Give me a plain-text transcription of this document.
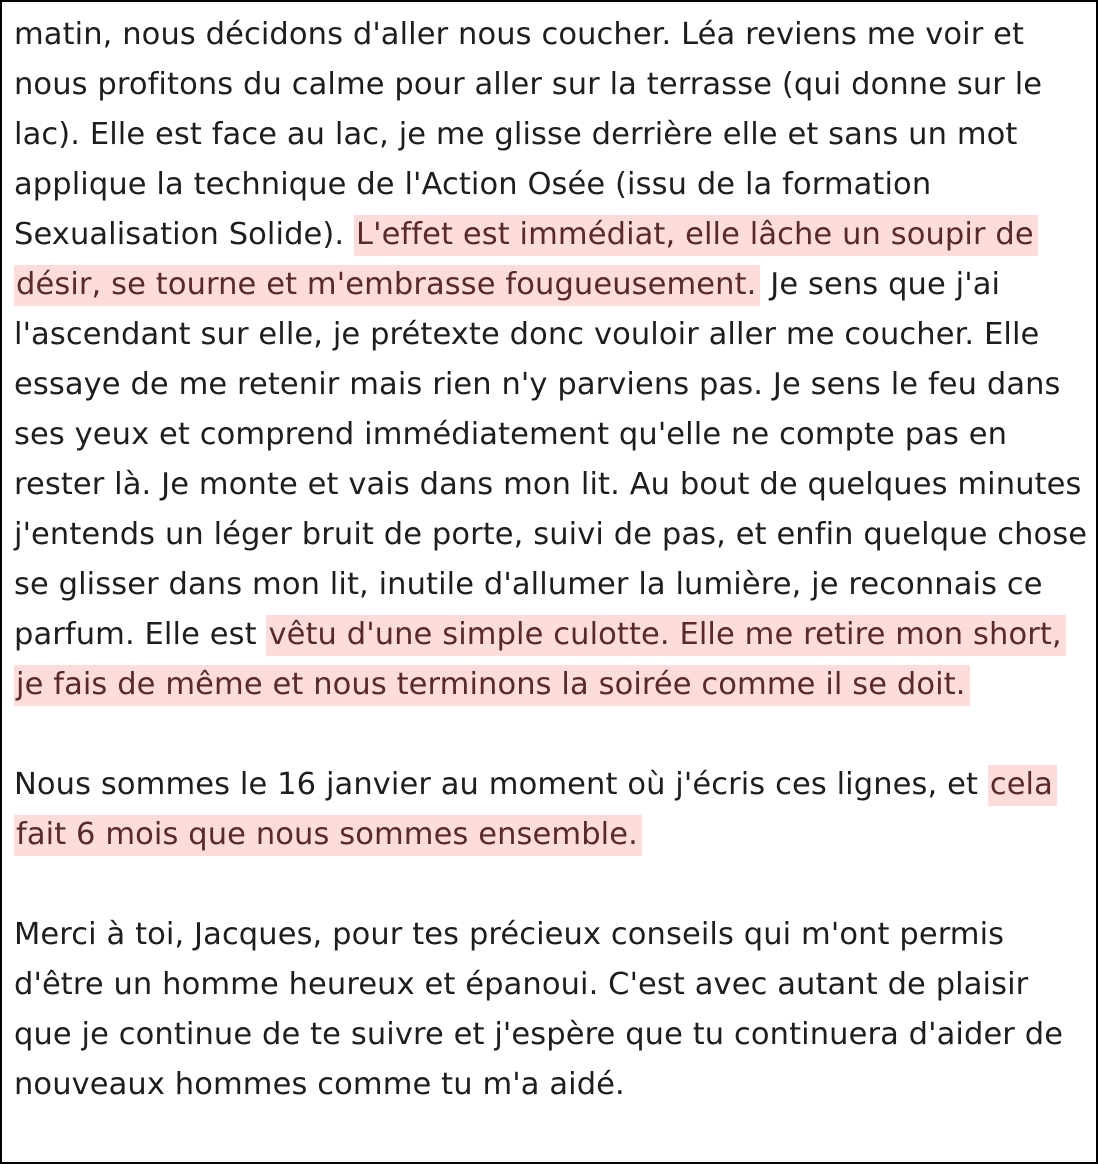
matin, nous décidons d'aller nous coucher. Léa reviens me voir et nous profitons du calme pour aller sur la terrasse (qui donne sur le lac). Elle est face au lac, je me glisse derrière elle et sans un mot applique la technique de l'Action Osée (issu de la formation Sexualisation Solide). L'effet est immédiat, elle lâche un soupir de désir, se tourne et m'embrasse fougueusement. Je sens que j'ai l'ascendant sur elle, je prétexte donc vouloir aller me coucher. Elle essaye de me retenir mais rien n'y parviens pas. Je sens le feu dans ses yeux et comprend immédiatement qu'elle ne compte pas en rester là. Je monte et vais dans mon lit. Au bout de quelques minutes j'entends un léger bruit de porte, suivi de pas, et enfin quelque chose se glisser dans mon lit, inutile d'allumer la lumière, je reconnais ce parfum. Elle est vêtu d'une simple culotte. Elle me retire mon short, je fais de même et nous terminons la soirée comme il se doit.

Nous sommes le 16 janvier au moment où j'écris ces lignes, et cela fait 6 mois que nous sommes ensemble.

Merci à toi, Jacques, pour tes précieux conseils qui m'ont permis d'être un homme heureux et épanoui. C'est avec autant de plaisir que je continue de te suivre et j'espère que tu continuera d'aider de nouveaux hommes comme tu m'a aidé.
